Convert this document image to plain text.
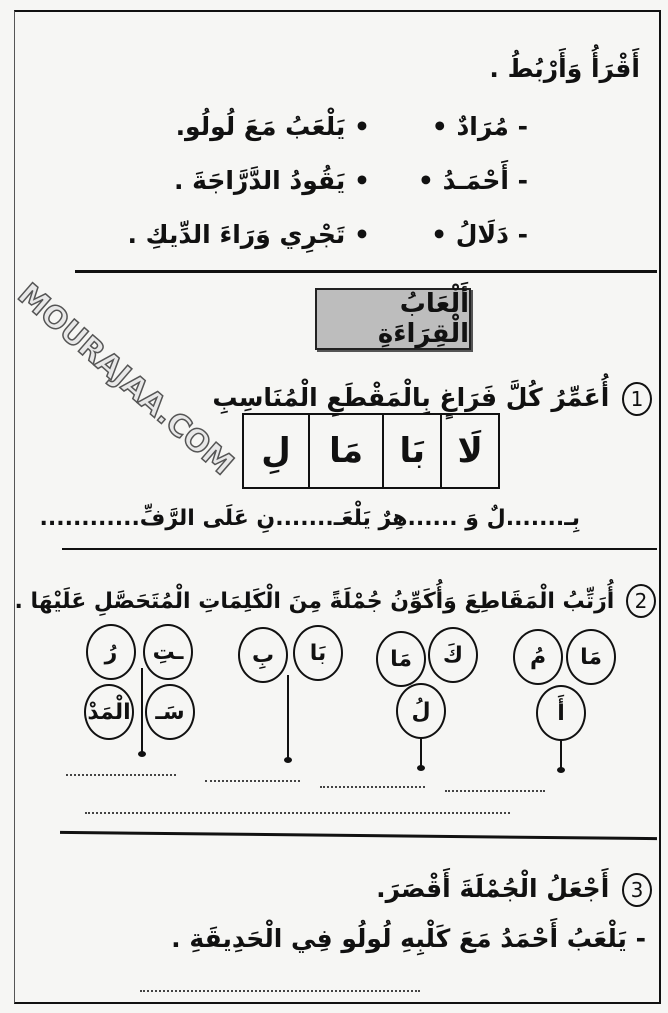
أَقْرَأُ وَأَرْبُطُ .
- مُرَادٌ •
- أَحْمَـدُ •
- دَلَالُ •
• يَلْعَبُ مَعَ لُولُو.
• يَقُودُ الدَّرَّاجَةَ .
• تَجْرِي وَرَاءَ الدِّيكِ .
أَلْعَابُ الْقِرَاءَةِ
MOURAJAA.COM	1 أُعَمِّرُ كُلَّ فَرَاغٍ بِالْمَقْطَعِ الْمُنَاسِبِ
لَا	بَا	مَا	لِ
بِـ.......لٌ وَ ......هِرٌ يَلْعَـ.......نِ عَلَى الرَّفِّ............
2 أُرَتِّبُ الْمَقَاطِعَ وَأُكَوِّنُ جُمْلَةً مِنَ الْكَلِمَاتِ الْمُتَحَصَّلِ عَلَيْهَا .
مَا
مُ
أَ
كَ
مَا
لُ
بَا
بِ
ـتِ
رُ
سَـ
الْمَدْ
3 أَجْعَلُ الْجُمْلَةَ أَقْصَرَ.
- يَلْعَبُ أَحْمَدُ مَعَ كَلْبِهِ لُولُو فِي الْحَدِيقَةِ .
